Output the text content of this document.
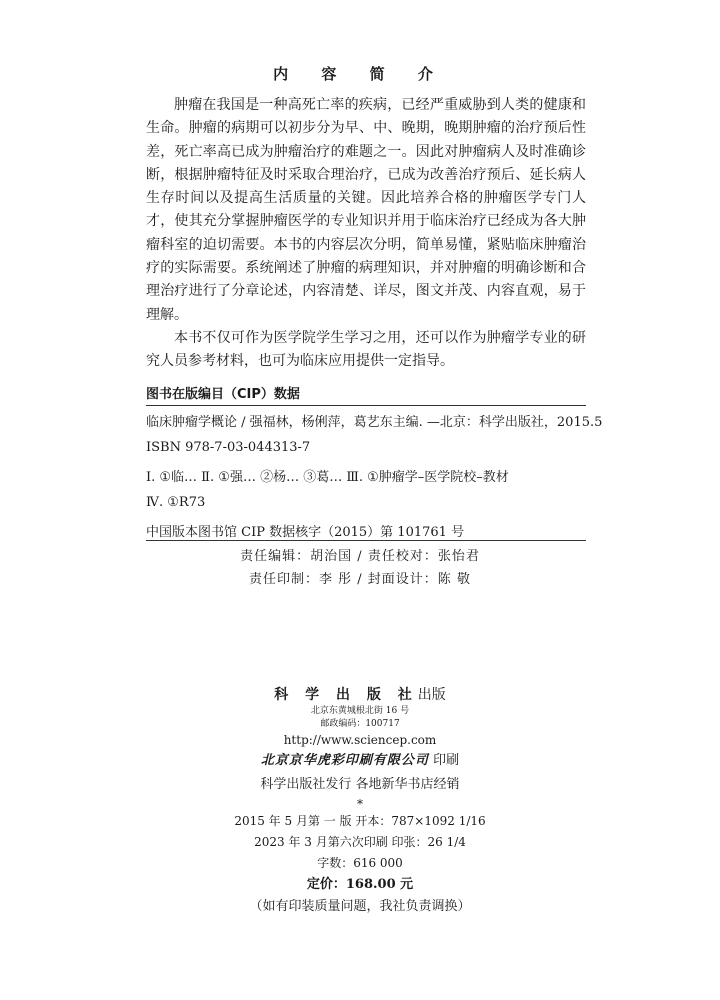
内 容 简 介

肿瘤在我国是一种高死亡率的疾病，已经严重威胁到人类的健康和生命。肿瘤的病期可以初步分为早、中、晚期，晚期肿瘤的治疗预后性差，死亡率高已成为肿瘤治疗的难题之一。因此对肿瘤病人及时准确诊断，根据肿瘤特征及时采取合理治疗，已成为改善治疗预后、延长病人生存时间以及提高生活质量的关键。因此培养合格的肿瘤医学专门人才，使其充分掌握肿瘤医学的专业知识并用于临床治疗已经成为各大肿瘤科室的迫切需要。本书的内容层次分明，简单易懂，紧贴临床肿瘤治疗的实际需要。系统阐述了肿瘤的病理知识，并对肿瘤的明确诊断和合理治疗进行了分章论述，内容清楚、详尽，图文并茂、内容直观，易于理解。

本书不仅可作为医学院学生学习之用，还可以作为肿瘤学专业的研究人员参考材料，也可为临床应用提供一定指导。

图书在版编目（CIP）数据
临床肿瘤学概论 / 强福林，杨俐萍，葛艺东主编. —北京：科学出版社，2015.5
ISBN 978-7-03-044313-7
Ⅰ. ①临… Ⅱ. ①强… ②杨… ③葛… Ⅲ. ①肿瘤学–医学院校–教材
Ⅳ. ①R73
中国版本图书馆 CIP 数据核字（2015）第 101761 号
责任编辑：胡治国 / 责任校对：张怡君
责任印制：李 彤 / 封面设计：陈 敬
科 学 出 版 社出版
北京东黄城根北街 16 号
邮政编码：100717
http://www.sciencep.com
北京京华虎彩印刷有限公司 印刷
科学出版社发行 各地新华书店经销
*
2015 年 5 月第 一 版 开本：787×1092 1/16
2023 年 3 月第六次印刷 印张：26 1/4
字数：616 000
定价：168.00 元
（如有印装质量问题，我社负责调换）
